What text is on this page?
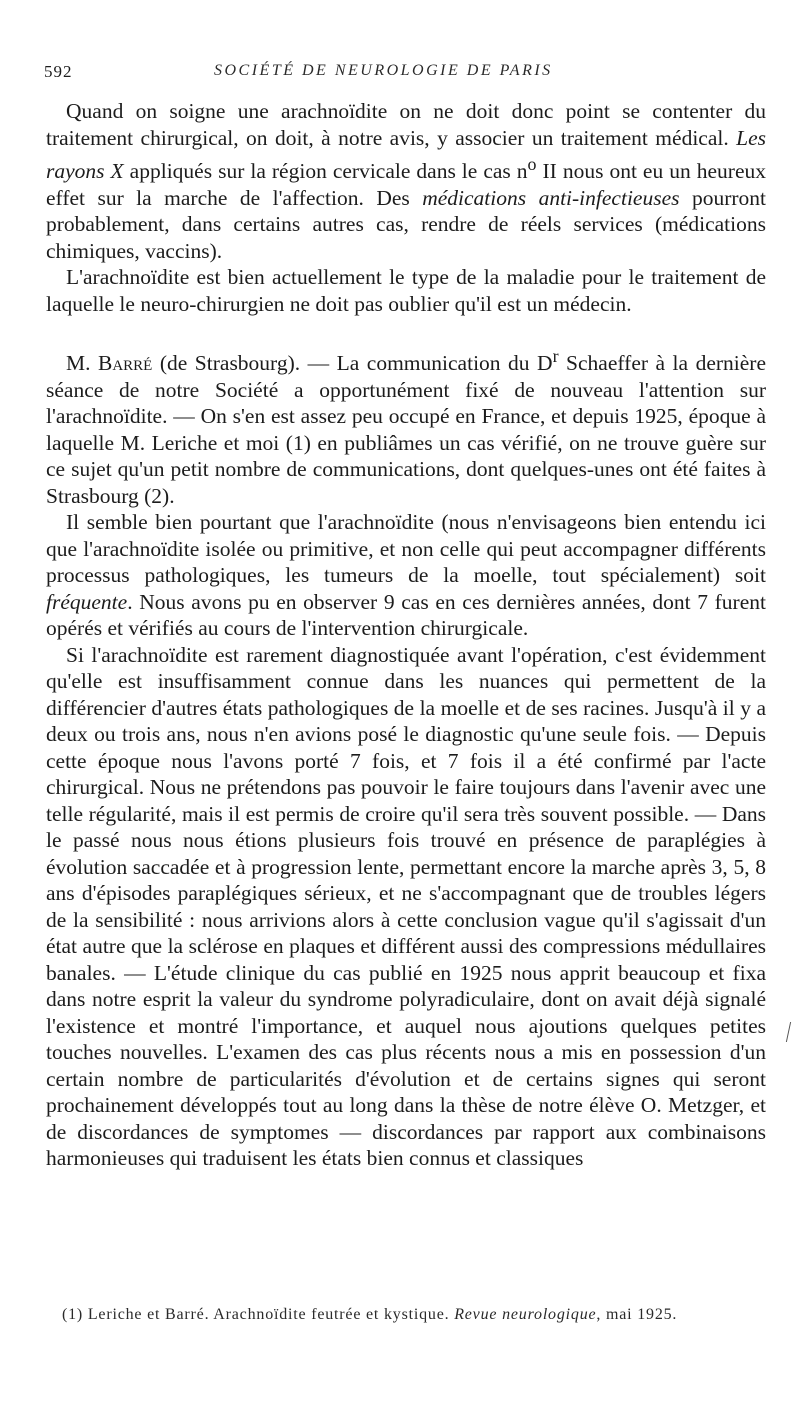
592	SOCIÉTÉ DE NEUROLOGIE DE PARIS

Quand on soigne une arachnoïdite on ne doit donc point se contenter du traitement chirurgical, on doit, à notre avis, y associer un traitement médical. Les rayons X appliqués sur la région cervicale dans le cas $n^o$ II nous ont eu un heureux effet sur la marche de l'affection. Des médications anti-infectieuses pourront probablement, dans certains autres cas, rendre de réels services (médications chimiques, vaccins).

L'arachnoïdite est bien actuellement le type de la maladie pour le traitement de laquelle le neuro-chirurgien ne doit pas oublier qu'il est un médecin.

M. Barré (de Strasbourg). — La communication du $D^r$ Schaeffer à la dernière séance de notre Société a opportunément fixé de nouveau l'attention sur l'arachnoïdite. — On s'en est assez peu occupé en France, et depuis 1925, époque à laquelle M. Leriche et moi (1) en publiâmes un cas vérifié, on ne trouve guère sur ce sujet qu'un petit nombre de communications, dont quelques-unes ont été faites à Strasbourg (2).

Il semble bien pourtant que l'arachnoïdite (nous n'envisageons bien entendu ici que l'arachnoïdite isolée ou primitive, et non celle qui peut accompagner différents processus pathologiques, les tumeurs de la moelle, tout spécialement) soit fréquente. Nous avons pu en observer 9 cas en ces dernières années, dont 7 furent opérés et vérifiés au cours de l'intervention chirurgicale.

Si l'arachnoïdite est rarement diagnostiquée avant l'opération, c'est évidemment qu'elle est insuffisamment connue dans les nuances qui permettent de la différencier d'autres états pathologiques de la moelle et de ses racines. Jusqu'à il y a deux ou trois ans, nous n'en avions posé le diagnostic qu'une seule fois. — Depuis cette époque nous l'avons porté 7 fois, et 7 fois il a été confirmé par l'acte chirurgical. Nous ne prétendons pas pouvoir le faire toujours dans l'avenir avec une telle régularité, mais il est permis de croire qu'il sera très souvent possible. — Dans le passé nous nous étions plusieurs fois trouvé en présence de paraplégies à évolution saccadée et à progression lente, permettant encore la marche après 3, 5, 8 ans d'épisodes paraplégiques sérieux, et ne s'accompagnant que de troubles légers de la sensibilité : nous arrivions alors à cette conclusion vague qu'il s'agissait d'un état autre que la sclérose en plaques et différent aussi des compressions médullaires banales. — L'étude clinique du cas publié en 1925 nous apprit beaucoup et fixa dans notre esprit la valeur du syndrome polyradiculaire, dont on avait déjà signalé l'existence et montré l'importance, et auquel nous ajoutions quelques petites touches nouvelles. L'examen des cas plus récents nous a mis en possession d'un certain nombre de particularités d'évolution et de certains signes qui seront prochainement développés tout au long dans la thèse de notre élève O. Metzger, et de discordances de symptomes — discordances par rapport aux combinaisons harmonieuses qui traduisent les états bien connus et classiques

(1) Leriche et Barré. Arachnoïdite feutrée et kystique. Revue neurologique, mai 1925.
